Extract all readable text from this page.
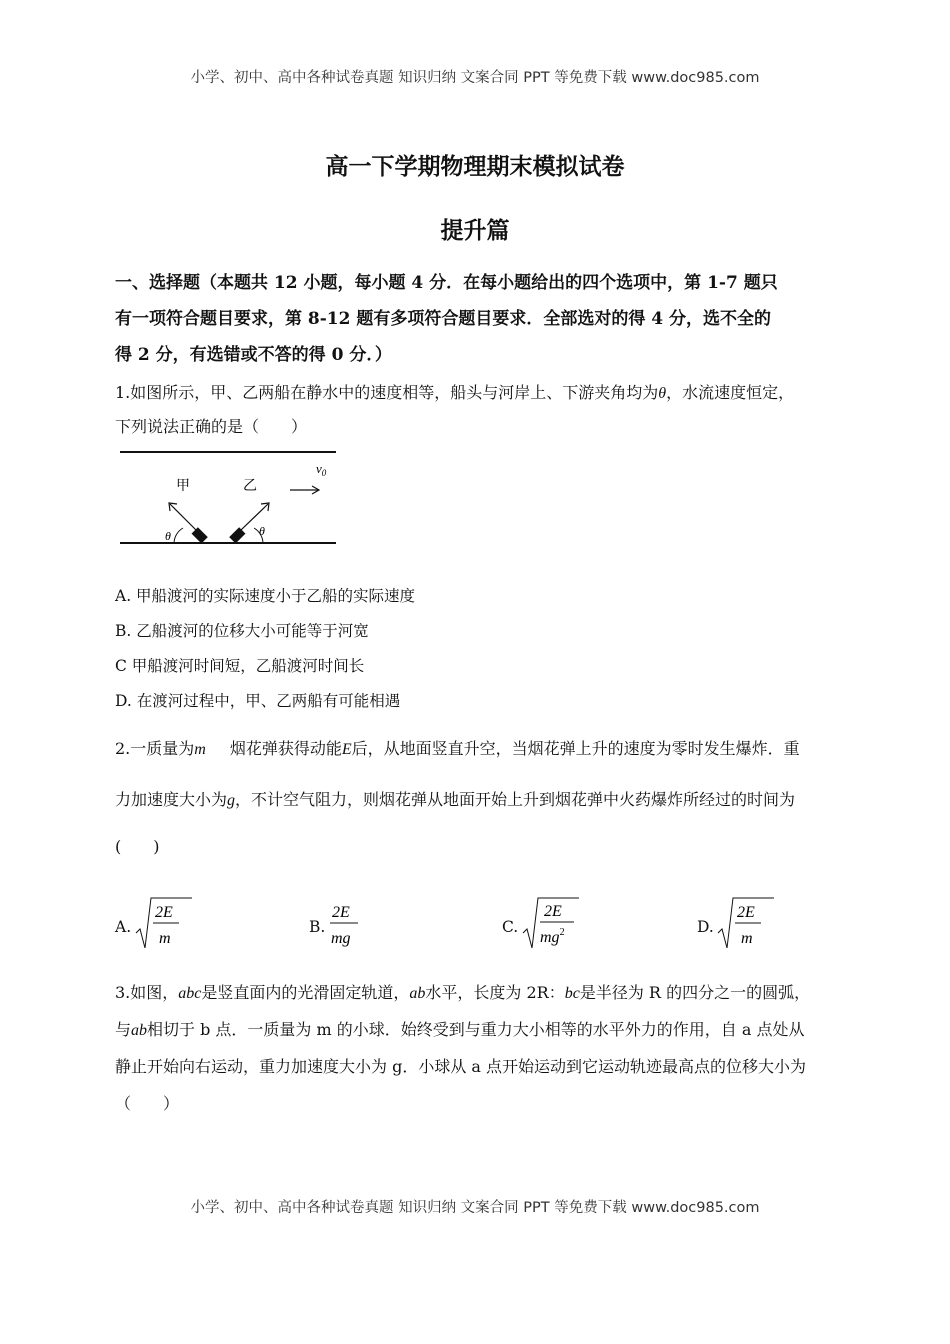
小学、初中、高中各种试卷真题 知识归纳 文案合同 PPT 等免费下载 www.doc985.com
高一下学期物理期末模拟试卷
提升篇
一、选择题（本题共 12 小题，每小题 4 分．在每小题给出的四个选项中，第 1-7 题只
有一项符合题目要求，第 8-12 题有多项符合题目要求．全部选对的得 4 分，选不全的
得 2 分，有选错或不答的得 0 分．）
1.如图所示，甲、乙两船在静水中的速度相等，船头与河岸上、下游夹角均为θ，水流速度恒定，
下列说法正确的是（　　）
甲	乙
$v_0$
θ	θ
A. 甲船渡河的实际速度小于乙船的实际速度
B. 乙船渡河的位移大小可能等于河宽
C 甲船渡河时间短，乙船渡河时间长
D. 在渡河过程中，甲、乙两船有可能相遇
2.一质量为m 烟花弹获得动能E后，从地面竖直升空，当烟花弹上升的速度为零时发生爆炸．重
力加速度大小为g，不计空气阻力，则烟花弹从地面开始上升到烟花弹中火药爆炸所经过的时间为
(　　)
A.
2E
m
B.
2E
mg
C.
2E
$mg^2$	D.
2E
m
3.如图，abc是竖直面内的光滑固定轨道，ab水平，长度为 2R：bc是半径为 R 的四分之一的圆弧，
与ab相切于 b 点．一质量为 m 的小球．始终受到与重力大小相等的水平外力的作用，自 a 点处从
静止开始向右运动，重力加速度大小为 g．小球从 a 点开始运动到它运动轨迹最高点的位移大小为
（　　）
小学、初中、高中各种试卷真题 知识归纳 文案合同 PPT 等免费下载 www.doc985.com
